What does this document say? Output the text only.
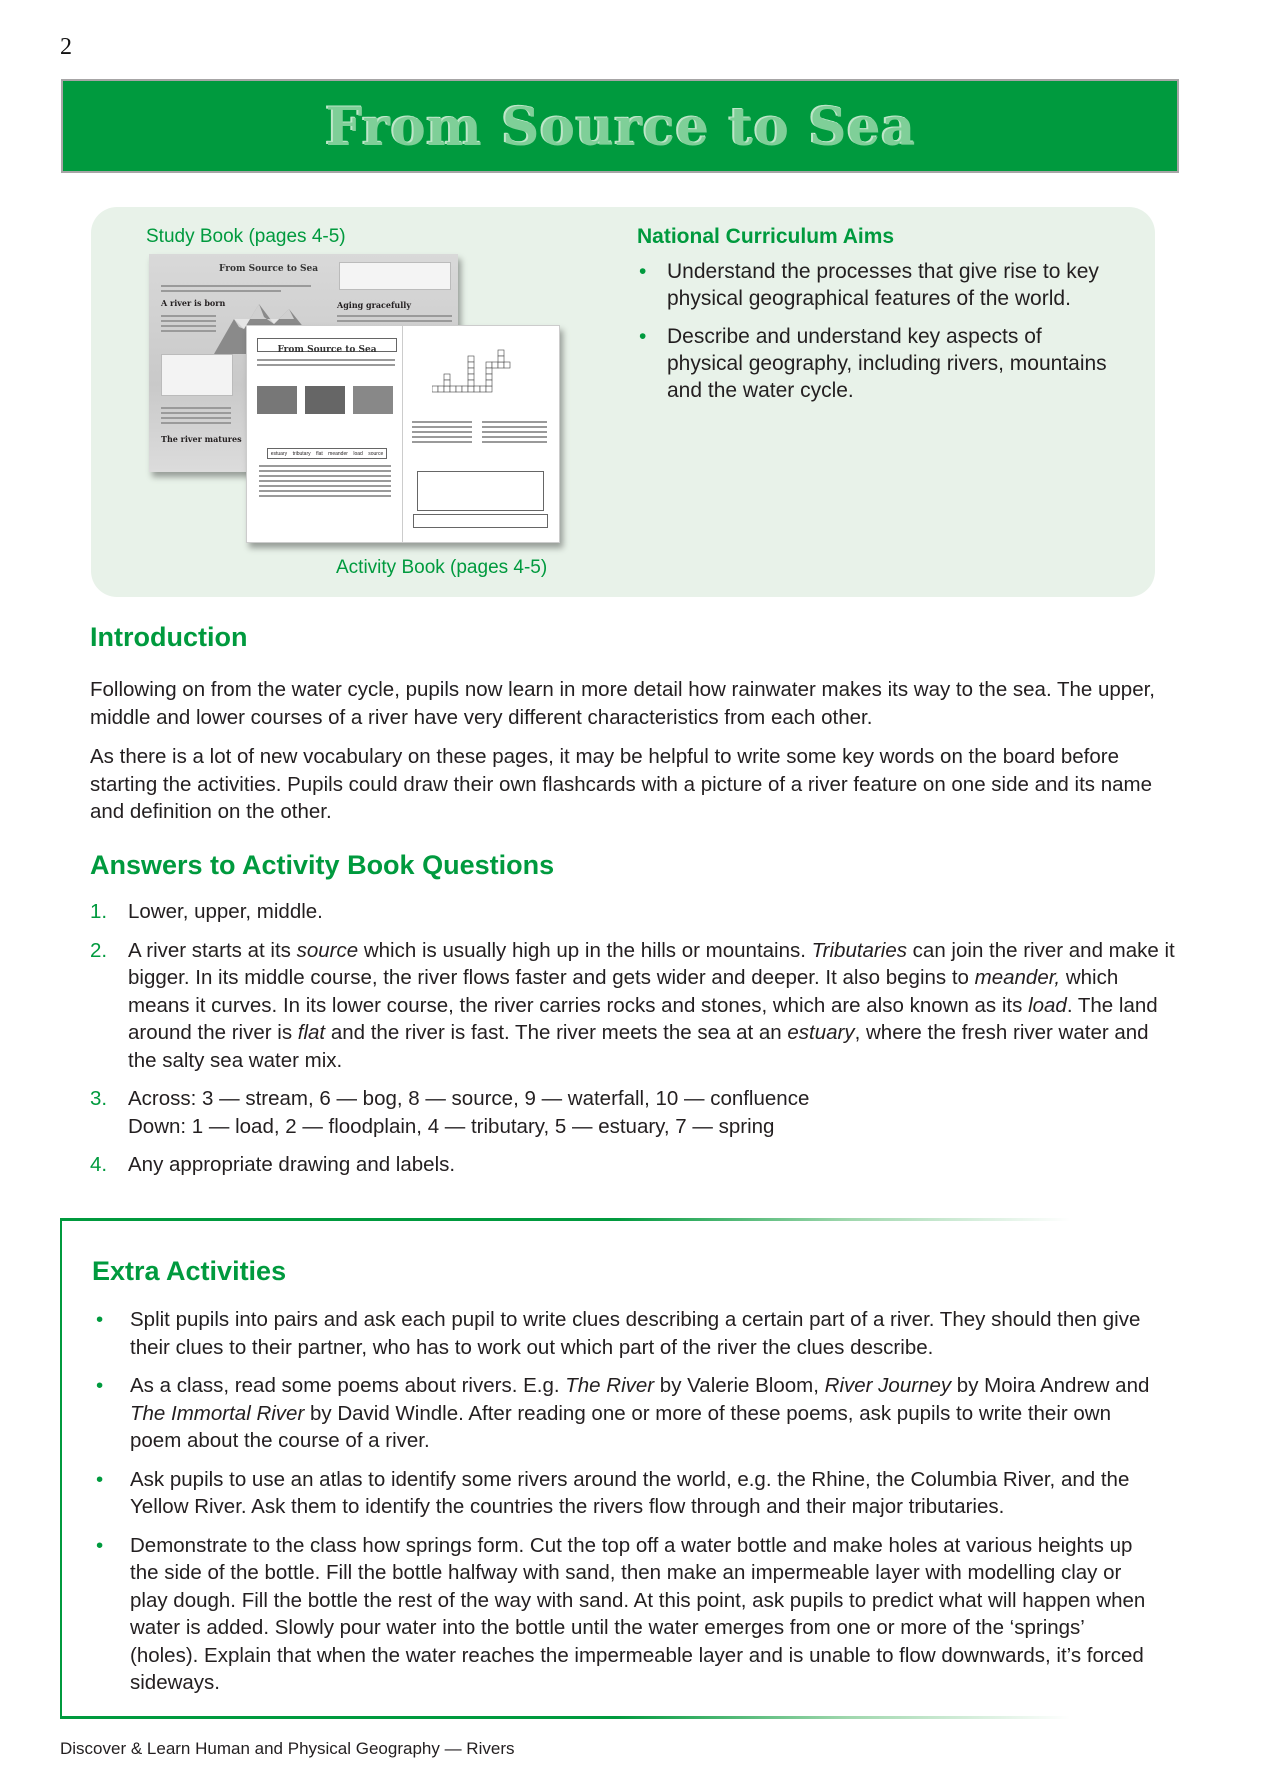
2
From Source to Sea
Study Book (pages 4-5)
From Source to Sea
A river is born	Aging gracefully
The river matures
From Source to Sea
estuary tributary flat meander load source
Activity Book (pages 4-5)
National Curriculum Aims
• Understand the processes that give rise to key physical geographical features of the world.
• Describe and understand key aspects of physical geography, including rivers, mountains and the water cycle.
Introduction
Following on from the water cycle, pupils now learn in more detail how rainwater makes its way to the sea. The upper, middle and lower courses of a river have very different characteristics from each other.
As there is a lot of new vocabulary on these pages, it may be helpful to write some key words on the board before starting the activities. Pupils could draw their own flashcards with a picture of a river feature on one side and its name and definition on the other.
Answers to Activity Book Questions
1. Lower, upper, middle.
2. A river starts at its source which is usually high up in the hills or mountains. Tributaries can join the river and make it bigger. In its middle course, the river flows faster and gets wider and deeper. It also begins to meander, which means it curves. In its lower course, the river carries rocks and stones, which are also known as its load. The land around the river is flat and the river is fast. The river meets the sea at an estuary, where the fresh river water and the salty sea water mix.
3. Across: 3 — stream, 6 — bog, 8 — source, 9 — waterfall, 10 — confluence
Down: 1 — load, 2 — floodplain, 4 — tributary, 5 — estuary, 7 — spring
4. Any appropriate drawing and labels.
Extra Activities
• Split pupils into pairs and ask each pupil to write clues describing a certain part of a river. They should then give their clues to their partner, who has to work out which part of the river the clues describe.
• As a class, read some poems about rivers. E.g. The River by Valerie Bloom, River Journey by Moira Andrew and The Immortal River by David Windle. After reading one or more of these poems, ask pupils to write their own poem about the course of a river.
• Ask pupils to use an atlas to identify some rivers around the world, e.g. the Rhine, the Columbia River, and the Yellow River. Ask them to identify the countries the rivers flow through and their major tributaries.
• Demonstrate to the class how springs form. Cut the top off a water bottle and make holes at various heights up the side of the bottle. Fill the bottle halfway with sand, then make an impermeable layer with modelling clay or play dough. Fill the bottle the rest of the way with sand. At this point, ask pupils to predict what will happen when water is added. Slowly pour water into the bottle until the water emerges from one or more of the ‘springs’ (holes). Explain that when the water reaches the impermeable layer and is unable to flow downwards, it’s forced sideways.
Discover & Learn Human and Physical Geography — Rivers
